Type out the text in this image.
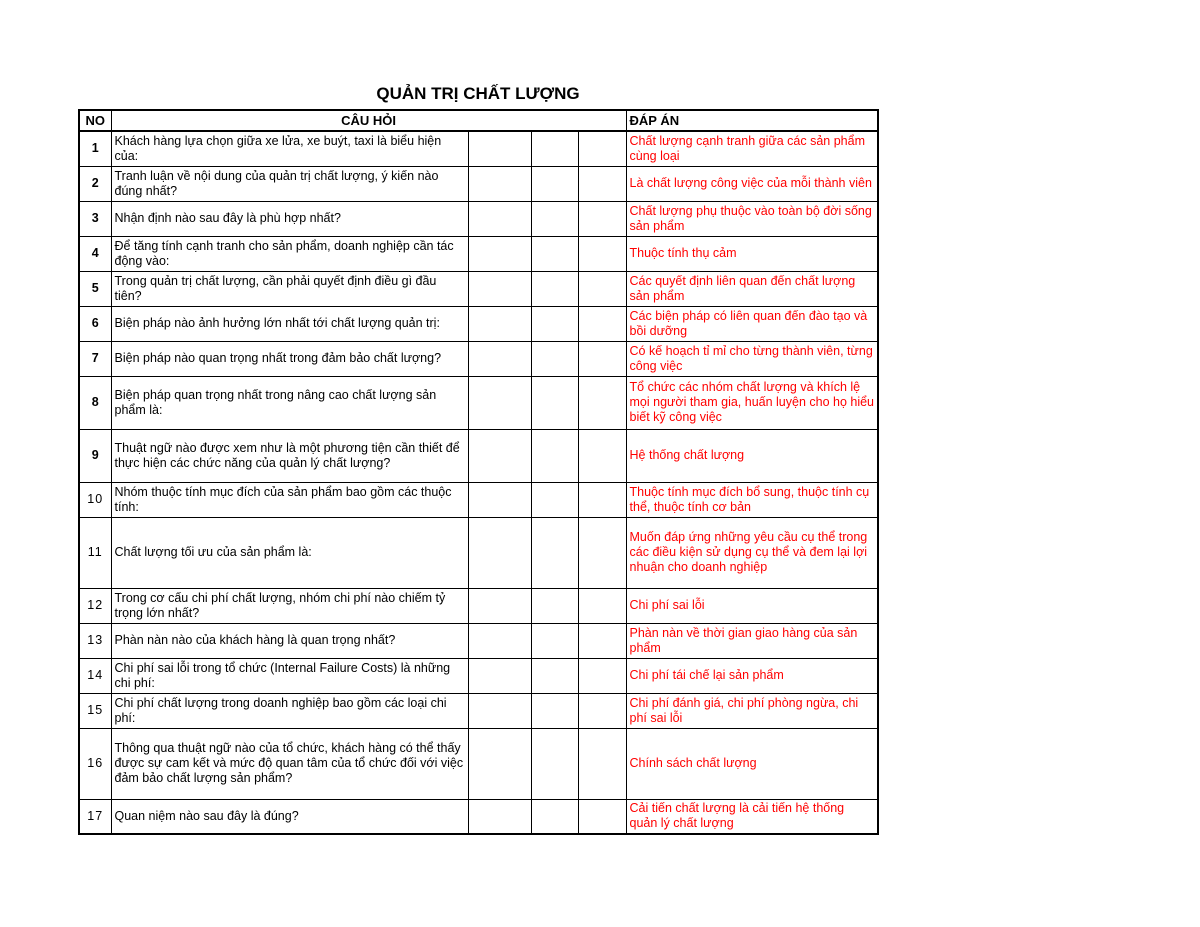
QUẢN TRỊ CHẤT LƯỢNG
NO	CÂU HỎI				ĐÁP ÁN
1	Khách hàng lựa chọn giữa xe lửa, xe buýt, taxi là biểu hiện của:				Chất lượng cạnh tranh giữa các sản phẩm cùng loại
2	Tranh luận về nội dung của quản trị chất lượng, ý kiến nào đúng nhất?				Là chất lượng công việc của mỗi thành viên
3	Nhận định nào sau đây là phù hợp nhất?				Chất lượng phụ thuộc vào toàn bộ đời sống sản phẩm
4	Để tăng tính cạnh tranh cho sản phẩm, doanh nghiệp cần tác động vào:				Thuộc tính thụ cảm
5	Trong quản trị chất lượng, cần phải quyết định điều gì đầu tiên?				Các quyết định liên quan đến chất lượng sản phẩm
6	Biện pháp nào ảnh hưởng lớn nhất tới chất lượng quản trị:				Các biện pháp có liên quan đến đào tạo và bồi dưỡng
7	Biện pháp nào quan trọng nhất trong đảm bảo chất lượng?				Có kế hoạch tỉ mỉ cho từng thành viên, từng công việc
8	Biện pháp quan trọng nhất trong nâng cao chất lượng sản phẩm là:				Tổ chức các nhóm chất lượng và khích lệ mọi người tham gia, huấn luyện cho họ hiểu biết kỹ công việc
9	Thuật ngữ nào được xem như là một phương tiện cần thiết để thực hiện các chức năng của quản lý chất lượng?				Hệ thống chất lượng
10	Nhóm thuộc tính mục đích của sản phẩm bao gồm các thuộc tính:				Thuộc tính mục đích bổ sung, thuộc tính cụ thể, thuộc tính cơ bản
11	Chất lượng tối ưu của sản phẩm là:				Muốn đáp ứng những yêu cầu cụ thể trong các điều kiện sử dụng cụ thể và đem lại lợi nhuận cho doanh nghiệp
12	Trong cơ cấu chi phí chất lượng, nhóm chi phí nào chiếm tỷ trọng lớn nhất?				Chi phí sai lỗi
13	Phàn nàn nào của khách hàng là quan trọng nhất?				Phàn nàn về thời gian giao hàng của sản phẩm
14	Chi phí sai lỗi trong tổ chức (Internal Failure Costs) là những chi phí:				Chi phí tái chế lại sản phẩm
15	Chi phí chất lượng trong doanh nghiệp bao gồm các loại chi phí:				Chi phí đánh giá, chi phí phòng ngừa, chi phí sai lỗi
16	Thông qua thuật ngữ nào của tổ chức, khách hàng có thể thấy được sự cam kết và mức độ quan tâm của tổ chức đối với việc đảm bảo chất lượng sản phẩm?				Chính sách chất lượng
17	Quan niệm nào sau đây là đúng?				Cải tiến chất lượng là cải tiến hệ thống quản lý chất lượng
